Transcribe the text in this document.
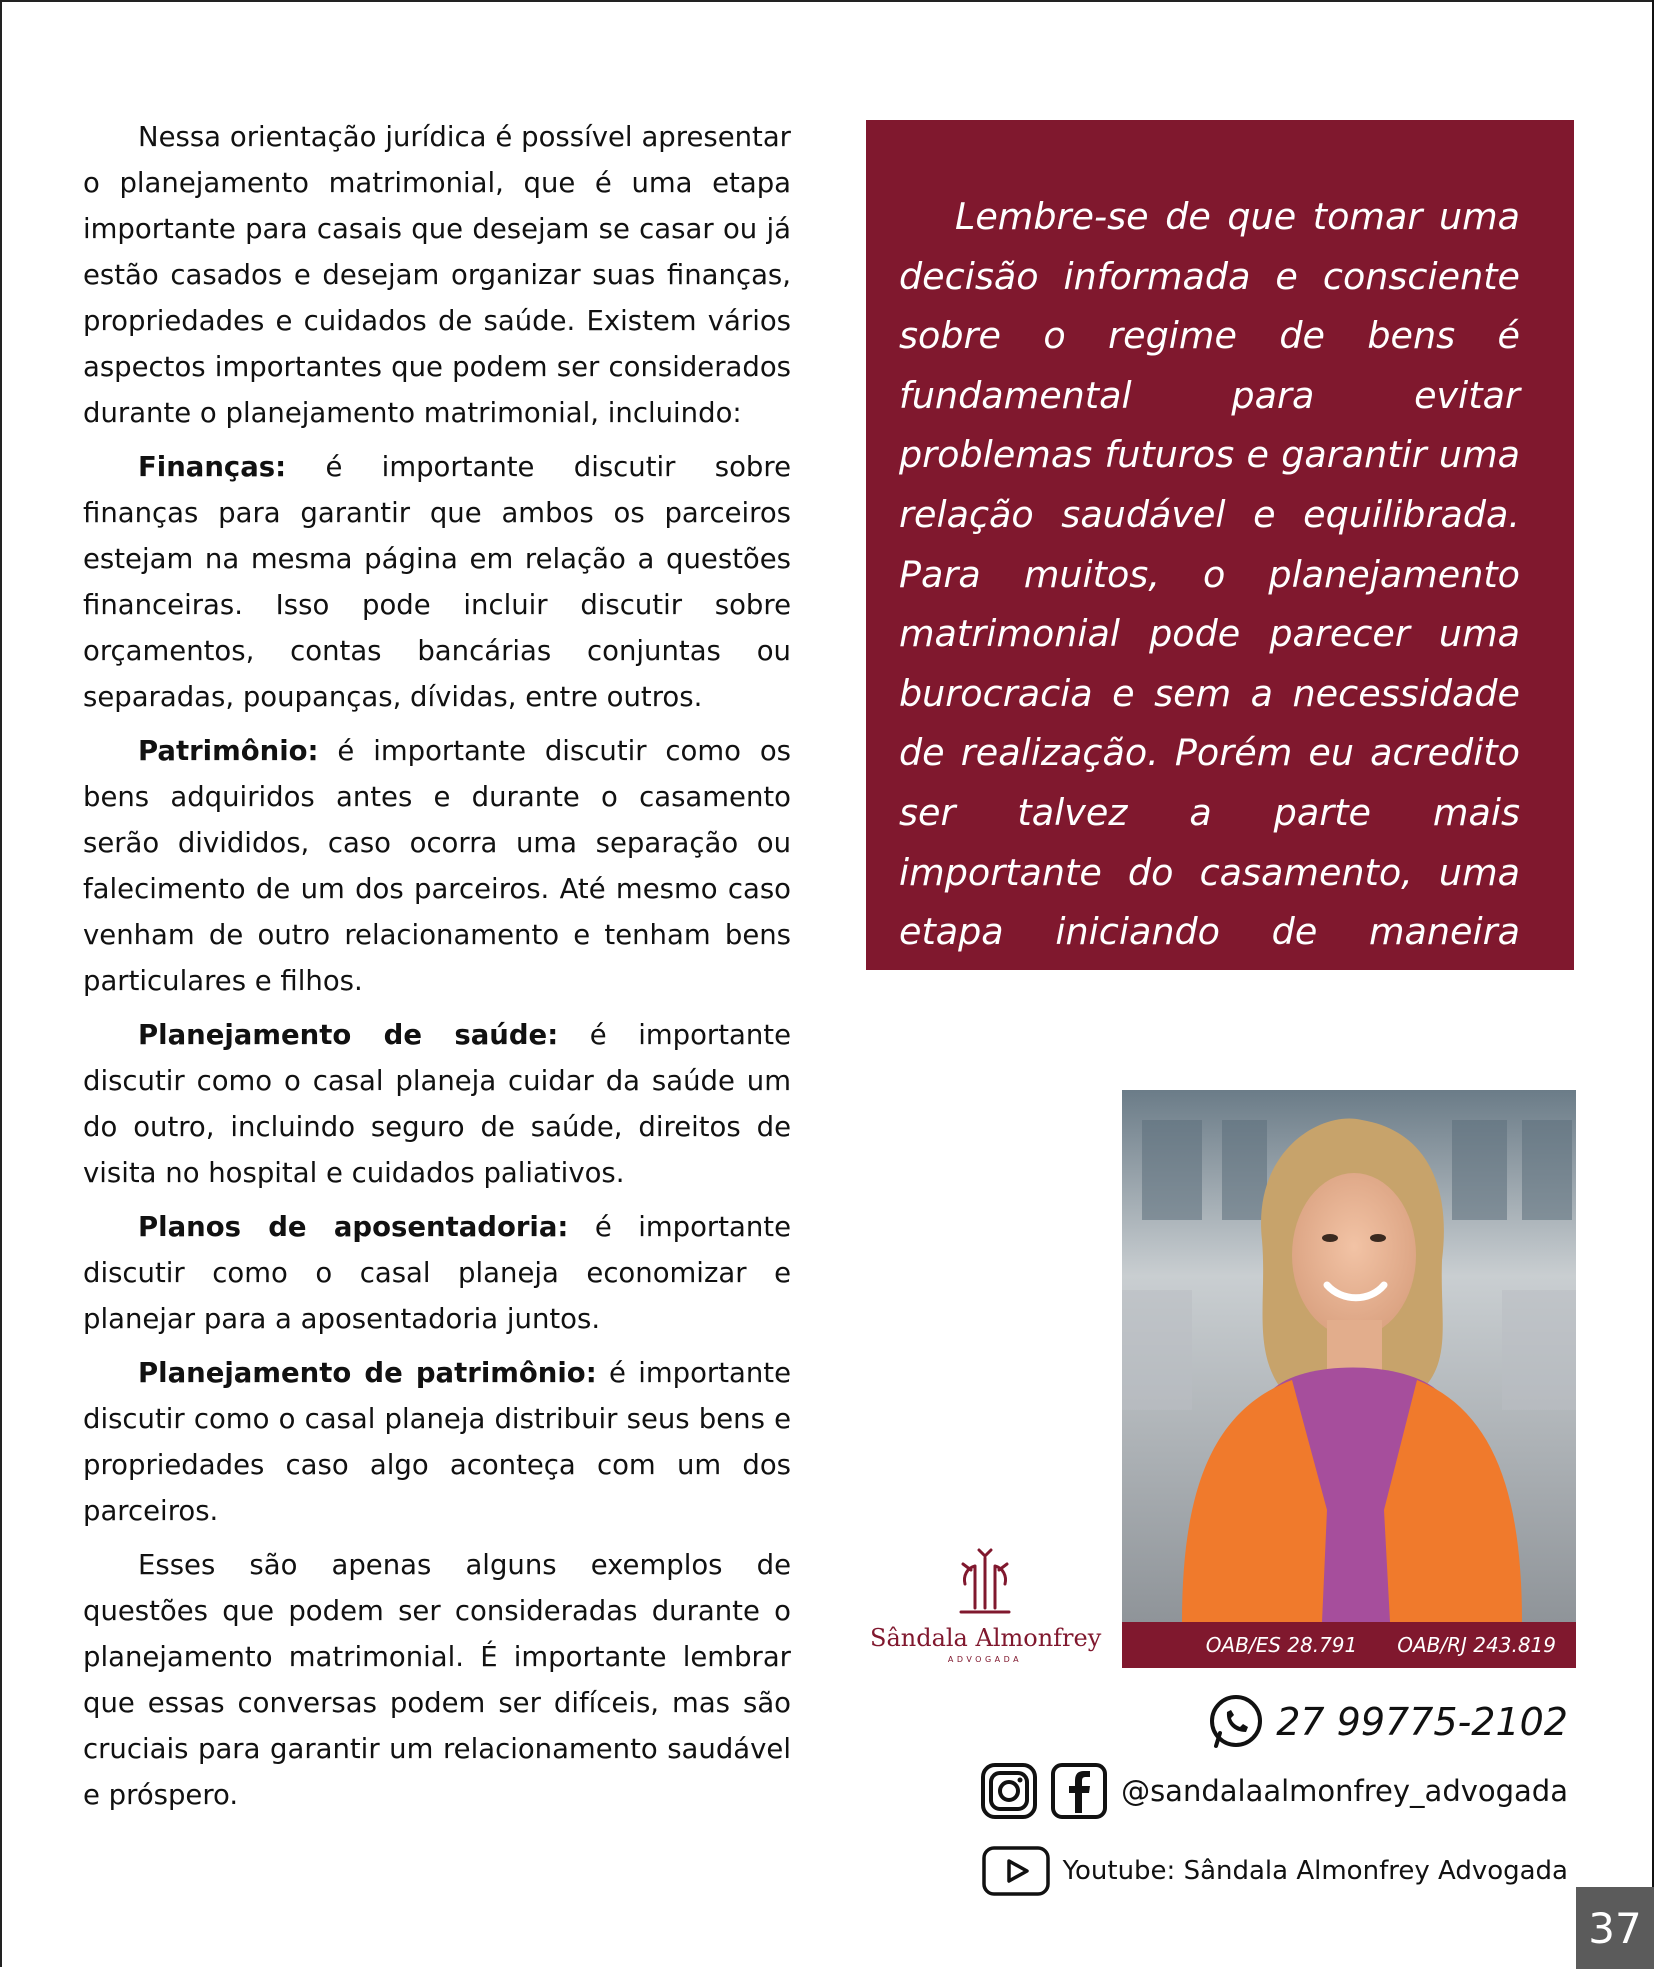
Nessa orientação jurídica é possível apresentar o planejamento matrimonial, que é uma etapa importante para casais que desejam se casar ou já estão casados e desejam organizar suas finanças, propriedades e cuidados de saúde. Existem vários aspectos importantes que podem ser considerados durante o planejamento matrimonial, incluindo:

Finanças: é importante discutir sobre finanças para garantir que ambos os parceiros estejam na mesma página em relação a questões financeiras. Isso pode incluir discutir sobre orçamentos, contas bancárias conjuntas ou separadas, poupanças, dívidas, entre outros.

Patrimônio: é importante discutir como os bens adquiridos antes e durante o casamento serão divididos, caso ocorra uma separação ou falecimento de um dos parceiros. Até mesmo caso venham de outro relacionamento e tenham bens particulares e filhos.

Planejamento de saúde: é importante discutir como o casal planeja cuidar da saúde um do outro, incluindo seguro de saúde, direitos de visita no hospital e cuidados paliativos.

Planos de aposentadoria: é importante discutir como o casal planeja economizar e planejar para a aposentadoria juntos.

Planejamento de patrimônio: é importante discutir como o casal planeja distribuir seus bens e propriedades caso algo aconteça com um dos parceiros.

Esses são apenas alguns exemplos de questões que podem ser consideradas durante o planejamento matrimonial. É importante lembrar que essas conversas podem ser difíceis, mas são cruciais para garantir um relacionamento saudável e próspero.

Lembre-se de que tomar uma decisão informada e consciente sobre o regime de bens é fundamental para evitar problemas futuros e garantir uma relação saudável e equilibrada. Para muitos, o planejamento matrimonial pode parecer uma burocracia e sem a necessidade de realização. Porém eu acredito ser talvez a parte mais importante do casamento, uma etapa iniciando de maneira saudável.

Sândala Almonfrey
ADVOGADA
OAB/ES 28.791 OAB/RJ 243.819
27 99775-2102
@sandalaalmonfrey_advogada
Youtube: Sândala Almonfrey Advogada
37
